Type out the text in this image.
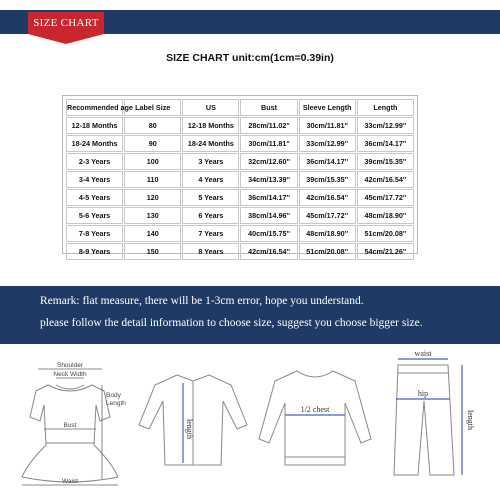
SIZE CHART
SIZE CHART unit:cm(1cm=0.39in)
Recommended age	Label Size	US	Bust	Sleeve Length	Length
12-18 Months	80	12-18 Months	28cm/11.02''	30cm/11.81''	33cm/12.99''
18-24 Months	90	18-24 Months	30cm/11.81''	33cm/12.99''	36cm/14.17''
2-3 Years	100	3 Years	32cm/12.60''	36cm/14.17''	39cm/15.35''
3-4 Years	110	4 Years	34cm/13.39''	39cm/15.35''	42cm/16.54''
4-5 Years	120	5 Years	36cm/14.17''	42cm/16.54''	45cm/17.72''
5-6 Years	130	6 Years	38cm/14.96''	45cm/17.72''	48cm/18.90''
7-8 Years	140	7 Years	40cm/15.75''	48cm/18.90''	51cm/20.08''
8-9 Years	150	8 Years	42cm/16.54''	51cm/20.08''	54cm/21.26''
Remark: flat measure, there will be 1-3cm error, hope you understand.
please follow the detail information to choose size, suggest you choose bigger size.
Shoulder
Neck Width
Bust
Waist
Body Length
length
1/2 chest
waist
hip
length
